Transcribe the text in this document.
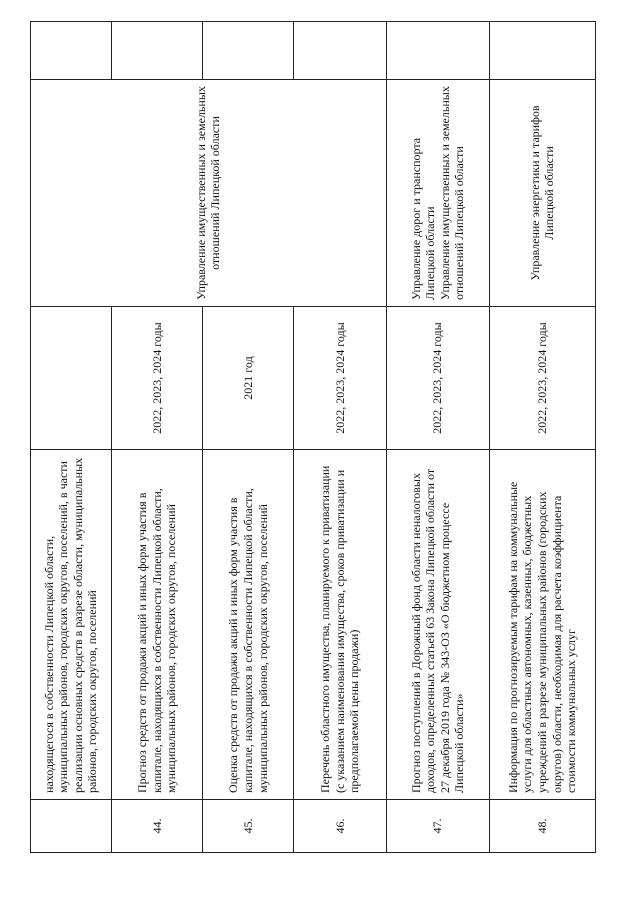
	находящегося в собственности Липецкой области, муниципальных районов, городских округов, поселений, в части реализации основных средств в разрезе области, муниципальных районов, городских округов, поселений		Управление имущественных и земельных отношений Липецкой области	
44.	Прогноз средств от продажи акций и иных форм участия в капитале, находящихся в собственности Липецкой области, муниципальных районов, городских округов, поселений	2022, 2023, 2024 годы		
45.	Оценка средств от продажи акций и иных форм участия в капитале, находящихся в собственности Липецкой области, муниципальных районов, городских округов, поселений	2021 год		
46.	Перечень областного имущества, планируемого к приватизации (с указанием наименования имущества, сроков приватизации и предполагаемой цены продажи)	2022, 2023, 2024 годы		
47.	Прогноз поступлений в Дорожный фонд области неналоговых доходов, определенных статьей 63 Закона Липецкой области от 27 декабря 2019 года № 343-ОЗ «О бюджетном процессе Липецкой области»	2022, 2023, 2024 годы	Управление дорог и транспорта Липецкой области Управление имущественных и земельных отношений Липецкой области	

48.	Информация по прогнозируемым тарифам на коммунальные услуги для областных автономных, казенных, бюджетных учреждений в разрезе муниципальных районов (городских округов) области, необходимая для расчета коэффициента стоимости коммунальных услуг	2022, 2023, 2024 годы	Управление энергетики и тарифов Липецкой области	
